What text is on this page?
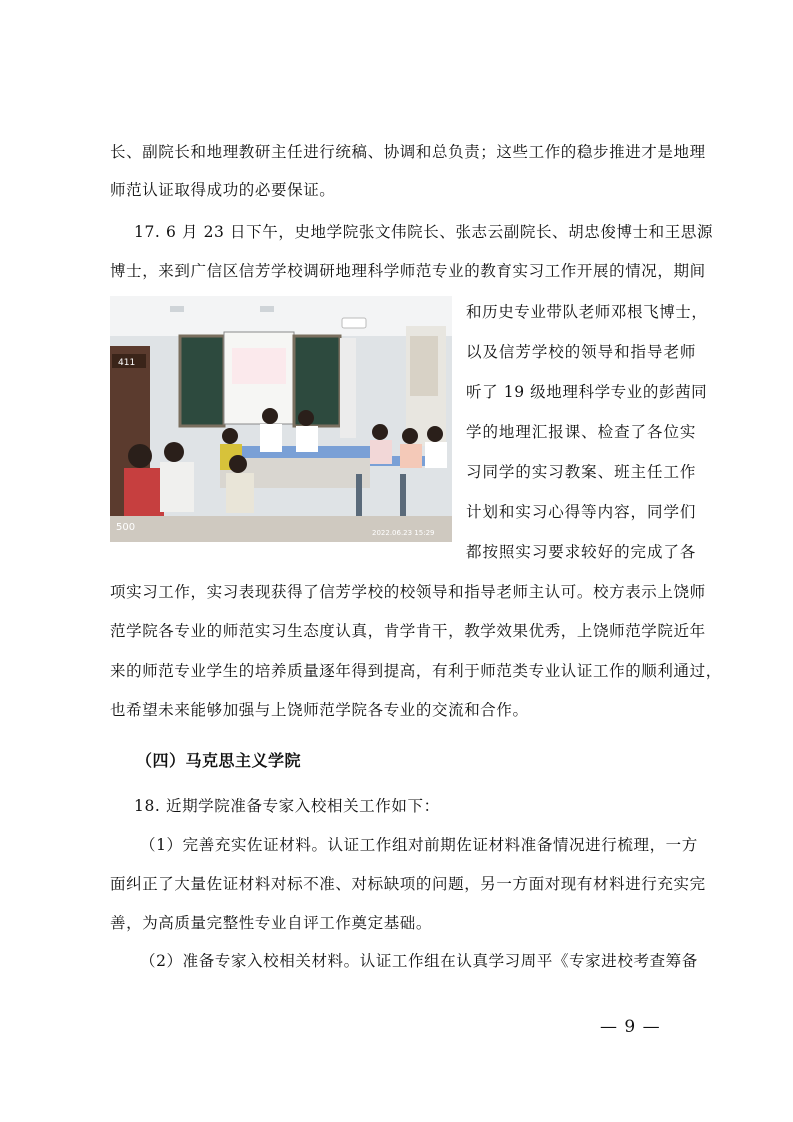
长、副院长和地理教研主任进行统稿、协调和总负责；这些工作的稳步推进才是地理
师范认证取得成功的必要保证。
17. 6 月 23 日下午，史地学院张文伟院长、张志云副院长、胡忠俊博士和王思源
博士，来到广信区信芳学校调研地理科学师范专业的教育实习工作开展的情况，期间
411
500	2022.06.23 15:29
和历史专业带队老师邓根飞博士，
以及信芳学校的领导和指导老师
听了 19 级地理科学专业的彭茜同
学的地理汇报课、检查了各位实
习同学的实习教案、班主任工作
计划和实习心得等内容，同学们
都按照实习要求较好的完成了各
项实习工作，实习表现获得了信芳学校的校领导和指导老师主认可。校方表示上饶师
范学院各专业的师范实习生态度认真，肯学肯干，教学效果优秀，上饶师范学院近年
来的师范专业学生的培养质量逐年得到提高，有利于师范类专业认证工作的顺利通过，
也希望未来能够加强与上饶师范学院各专业的交流和合作。
（四）马克思主义学院
18. 近期学院准备专家入校相关工作如下：
（1）完善充实佐证材料。认证工作组对前期佐证材料准备情况进行梳理，一方
面纠正了大量佐证材料对标不准、对标缺项的问题，另一方面对现有材料进行充实完
善，为高质量完整性专业自评工作奠定基础。
（2）准备专家入校相关材料。认证工作组在认真学习周平《专家进校考查筹备
— 9 —
